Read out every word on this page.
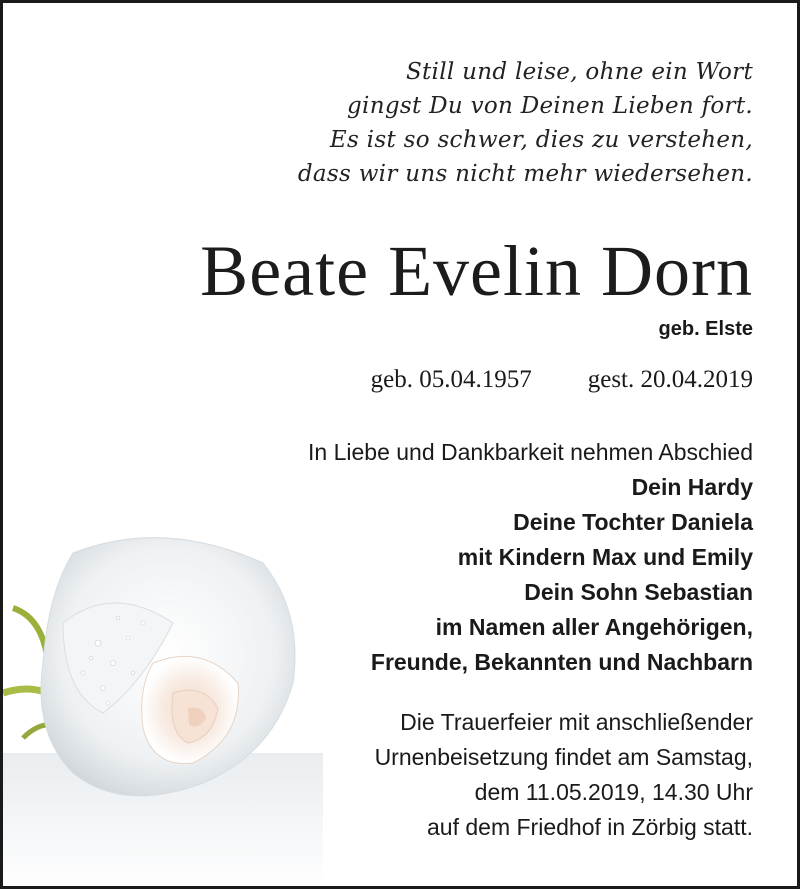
Still und leise, ohne ein Wort
gingst Du von Deinen Lieben fort.
Es ist so schwer, dies zu verstehen,
dass wir uns nicht mehr wiedersehen.
Beate Evelin Dorn
geb. Elste
geb. 05.04.1957 gest. 20.04.2019
In Liebe und Dankbarkeit nehmen Abschied
Dein Hardy
Deine Tochter Daniela
mit Kindern Max und Emily
Dein Sohn Sebastian
im Namen aller Angehörigen,
Freunde, Bekannten und Nachbarn
Die Trauerfeier mit anschließender
Urnenbeisetzung findet am Samstag,
dem 11.05.2019, 14.30 Uhr
auf dem Friedhof in Zörbig statt.
